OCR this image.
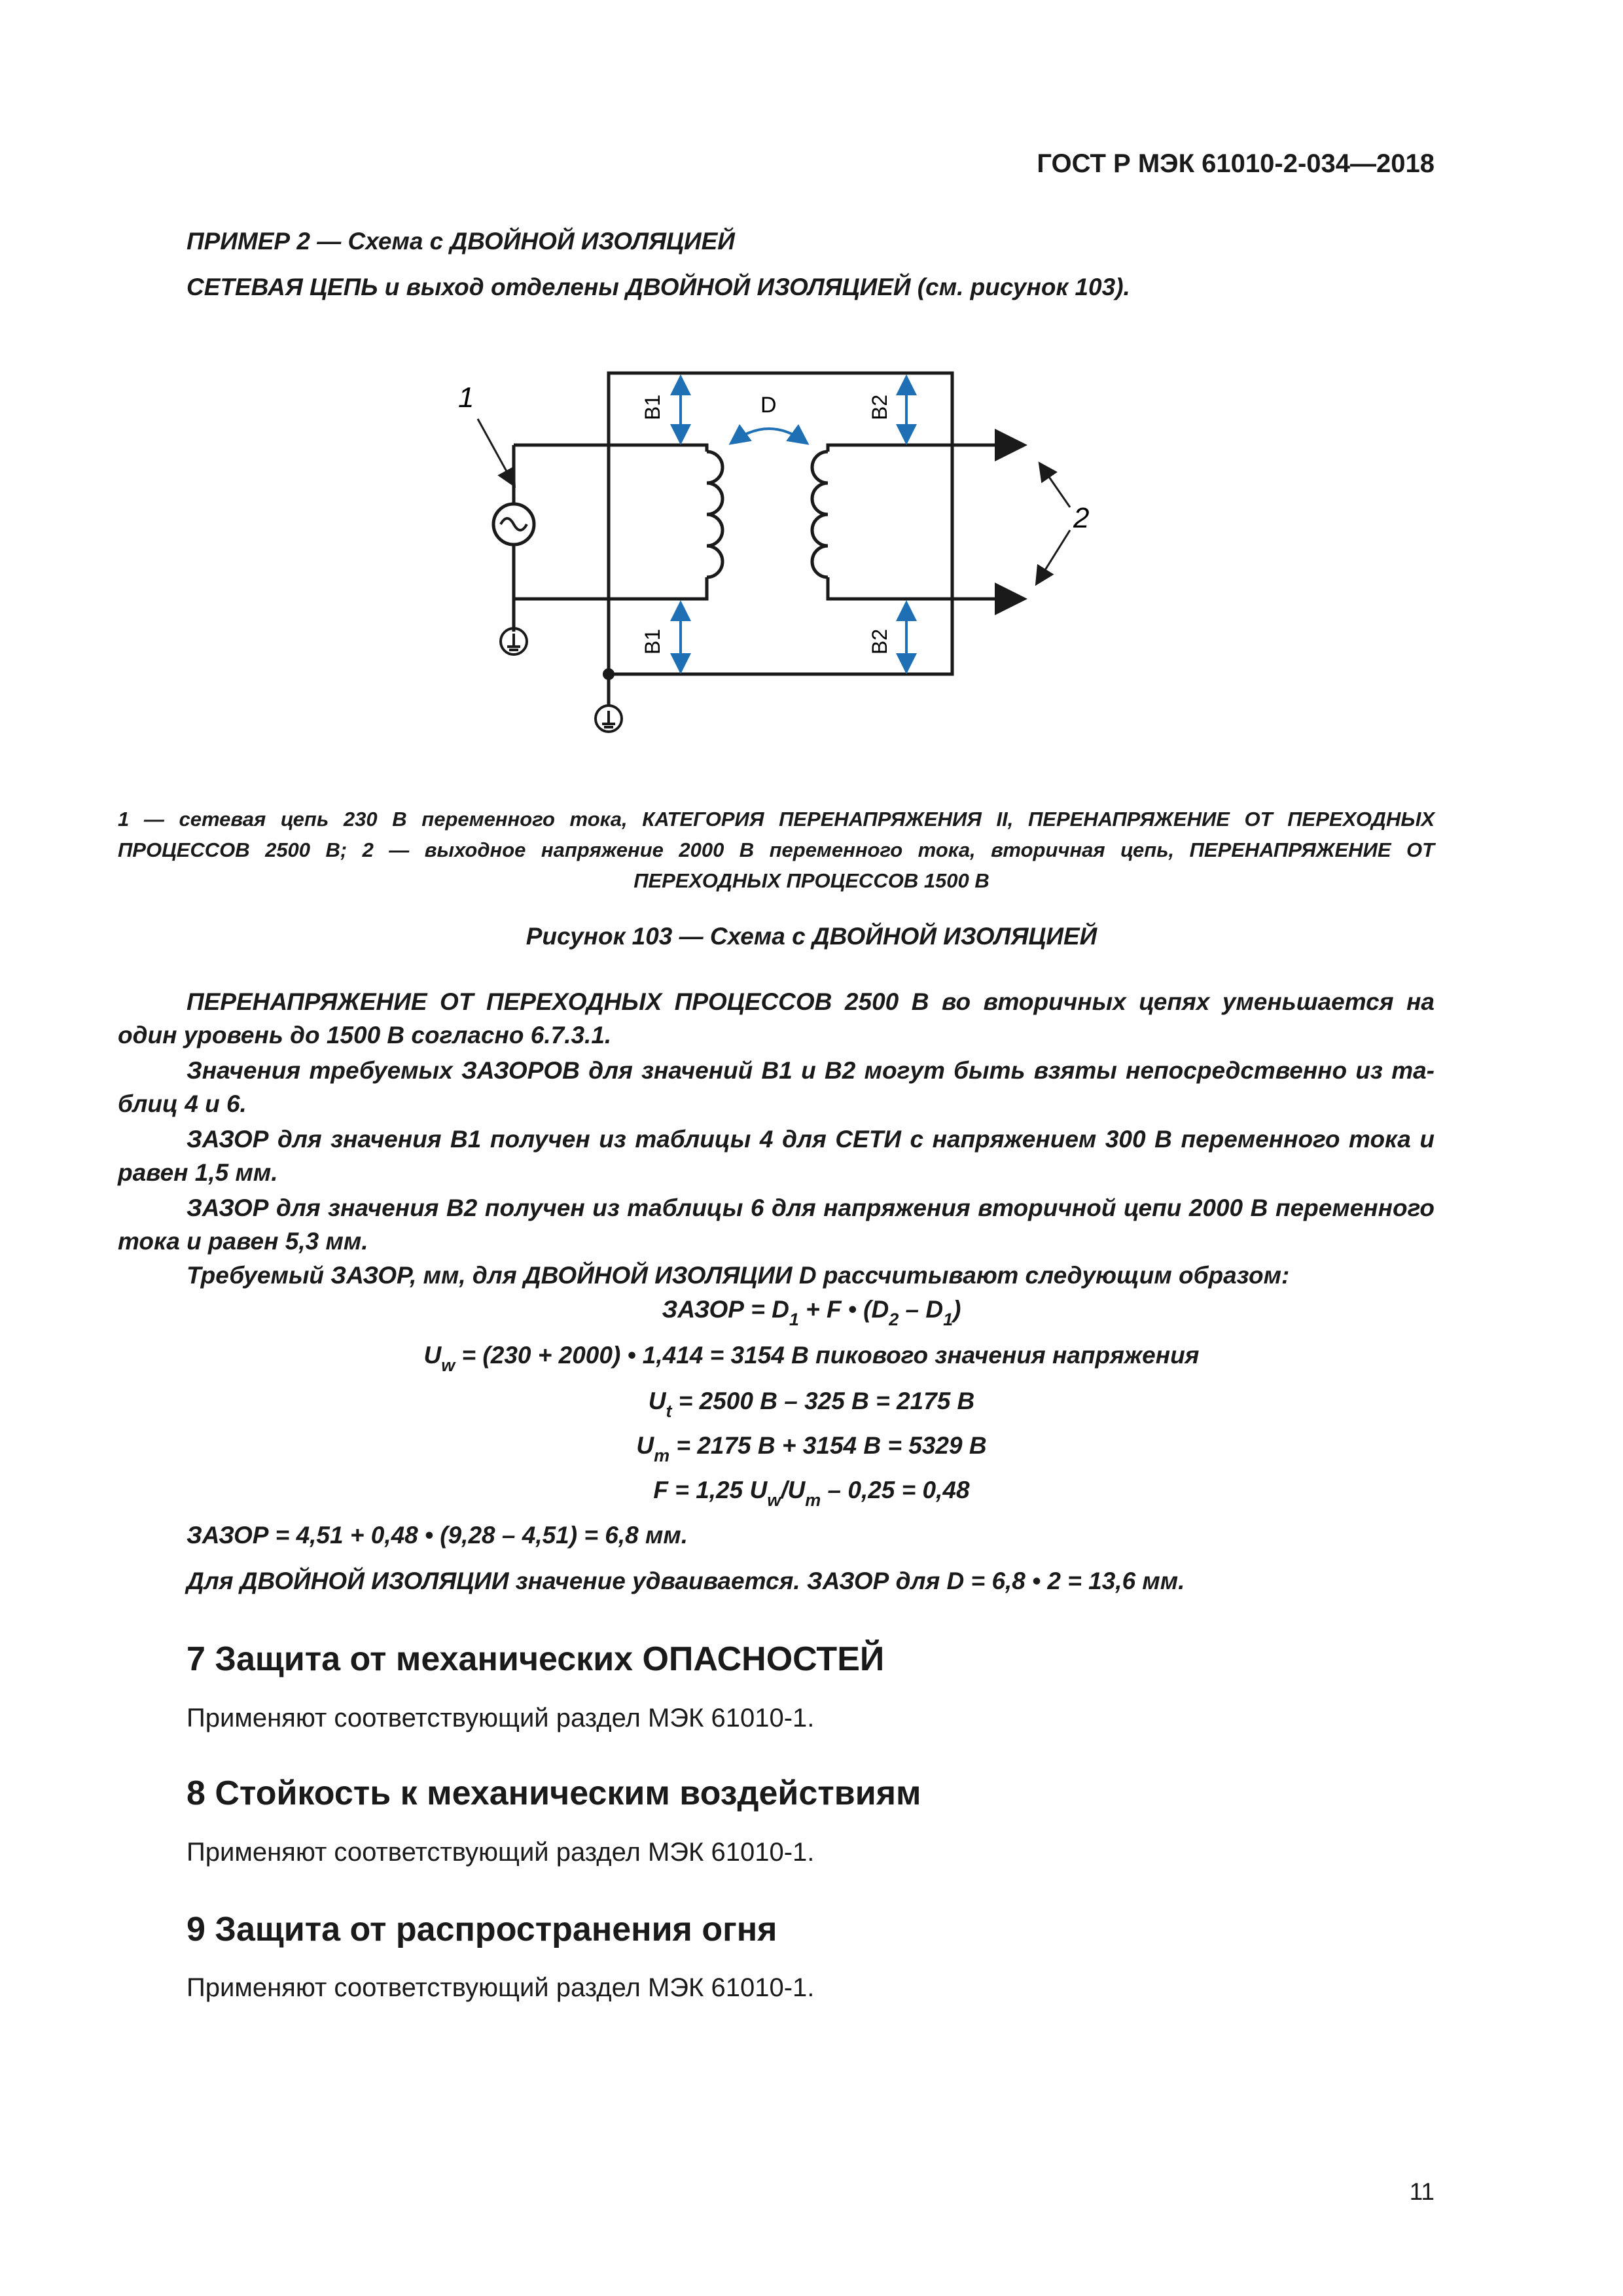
ГОСТ Р МЭК 61010-2-034—2018
ПРИМЕР 2 — Схема с ДВОЙНОЙ ИЗОЛЯЦИЕЙ
СЕТЕВАЯ ЦЕПЬ и выход отделены ДВОЙНОЙ ИЗОЛЯЦИЕЙ (см. рисунок 103).
1
2
B1	B2
D
B1	B2
1 — сетевая цепь 230 В переменного тока, КАТЕГОРИЯ ПЕРЕНАПРЯЖЕНИЯ II, ПЕРЕНАПРЯЖЕНИЕ ОТ ПЕРЕХОДНЫХ
ПРОЦЕССОВ 2500 В; 2 — выходное напряжение 2000 В переменного тока, вторичная цепь, ПЕРЕНАПРЯЖЕНИЕ ОТ
ПЕРЕХОДНЫХ ПРОЦЕССОВ 1500 В
Рисунок 103 — Схема с ДВОЙНОЙ ИЗОЛЯЦИЕЙ
ПЕРЕНАПРЯЖЕНИЕ ОТ ПЕРЕХОДНЫХ ПРОЦЕССОВ 2500 В во вторичных цепях уменьшается на
один уровень до 1500 В согласно 6.7.3.1.
Значения требуемых ЗАЗОРОВ для значений В1 и В2 могут быть взяты непосредственно из та-
блиц 4 и 6.
ЗАЗОР для значения В1 получен из таблицы 4 для СЕТИ с напряжением 300 В переменного тока и
равен 1,5 мм.
ЗАЗОР для значения В2 получен из таблицы 6 для напряжения вторичной цепи 2000 В переменного
тока и равен 5,3 мм.
Требуемый ЗАЗОР, мм, для ДВОЙНОЙ ИЗОЛЯЦИИ D рассчитывают следующим образом:
ЗАЗОР = $D_1 + F$ • $(D_2 - D_1)$
$U_w = (230 + 2000)$ • 1,414 = 3154 В пикового значения напряжения
$U_t = 2500$ В – 325 В = 2175 В
$U_m = 2175$ В + 3154 В = 5329 В
F = 1,25 $U_w/U_m - 0,25 = 0,48$
ЗАЗОР = 4,51 + 0,48 • (9,28 – 4,51) = 6,8 мм.
Для ДВОЙНОЙ ИЗОЛЯЦИИ значение удваивается. ЗАЗОР для D = 6,8 • 2 = 13,6 мм.
7 Защита от механических ОПАСНОСТЕЙ
Применяют соответствующий раздел МЭК 61010-1.
8 Стойкость к механическим воздействиям
Применяют соответствующий раздел МЭК 61010-1.
9 Защита от распространения огня
Применяют соответствующий раздел МЭК 61010-1.
11
